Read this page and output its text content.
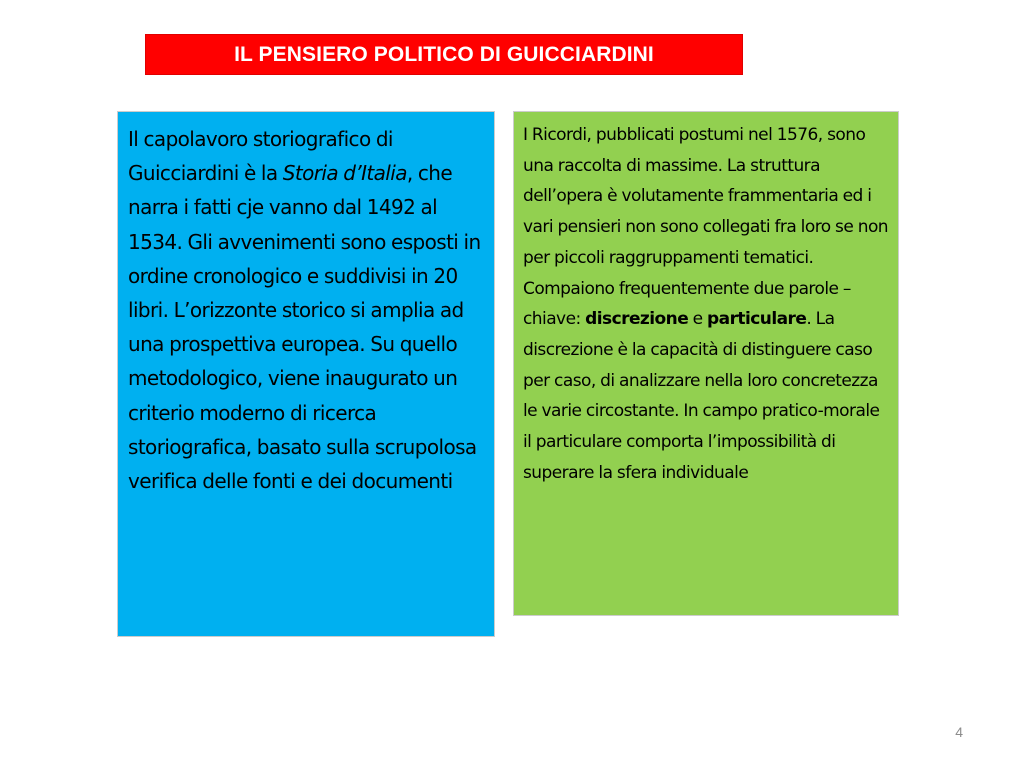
IL PENSIERO POLITICO DI GUICCIARDINI
Il capolavoro storiografico di Guicciardini è la Storia d’Italia, che narra i fatti cje vanno dal 1492 al 1534. Gli avvenimenti sono esposti in ordine cronologico e suddivisi in 20 libri. L’orizzonte storico si amplia ad una prospettiva europea. Su quello metodologico, viene inaugurato un criterio moderno di ricerca storiografica, basato sulla scrupolosa verifica delle fonti e dei documenti
I Ricordi, pubblicati postumi nel 1576, sono una raccolta di massime. La struttura dell’opera è volutamente frammentaria ed i vari pensieri non sono collegati fra loro se non per piccoli raggruppamenti tematici. Compaiono frequentemente due parole – chiave: discrezione e particulare. La discrezione è la capacità di distinguere caso per caso, di analizzare nella loro concretezza le varie circostante. In campo pratico-morale il particulare comporta l’impossibilità di superare la sfera individuale
4
